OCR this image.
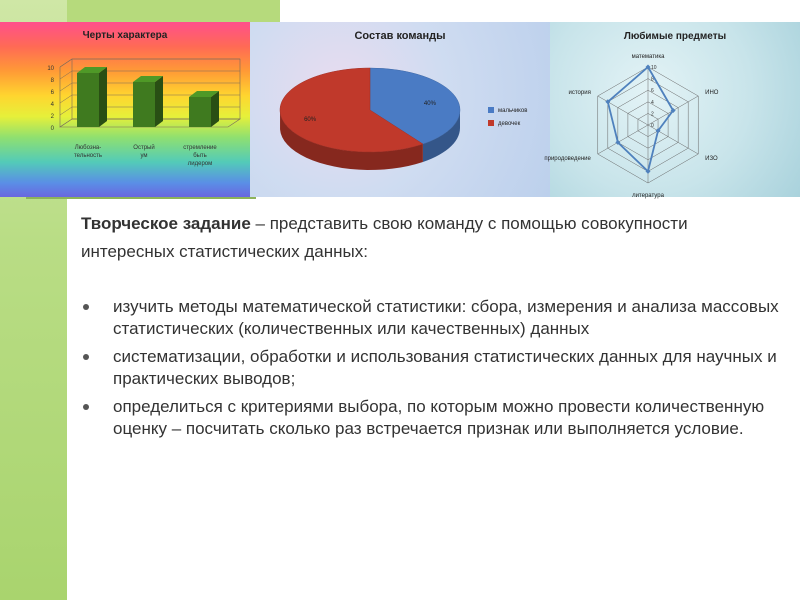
Черты характера
0
2
4
6
8
10
Любозна-тельность
Острый ум
стремление быть лидером
Состав команды
40%
60%
мальчиков
девочек
Любимые предметы
0
2
4
6
8
10
математика
ИНО
ИЗО
литература
природоведение
история

Творческое задание – представить свою команду с помощью совокупности интересных статистических данных:

изучить методы математической статистики: сбора, измерения и анализа массовых статистических (количественных или качественных) данных
систематизации, обработки и использования статистических данных для научных и практических выводов;
определиться с критериями выбора, по которым можно провести количественную оценку – посчитать сколько раз встречается признак или выполняется условие.
